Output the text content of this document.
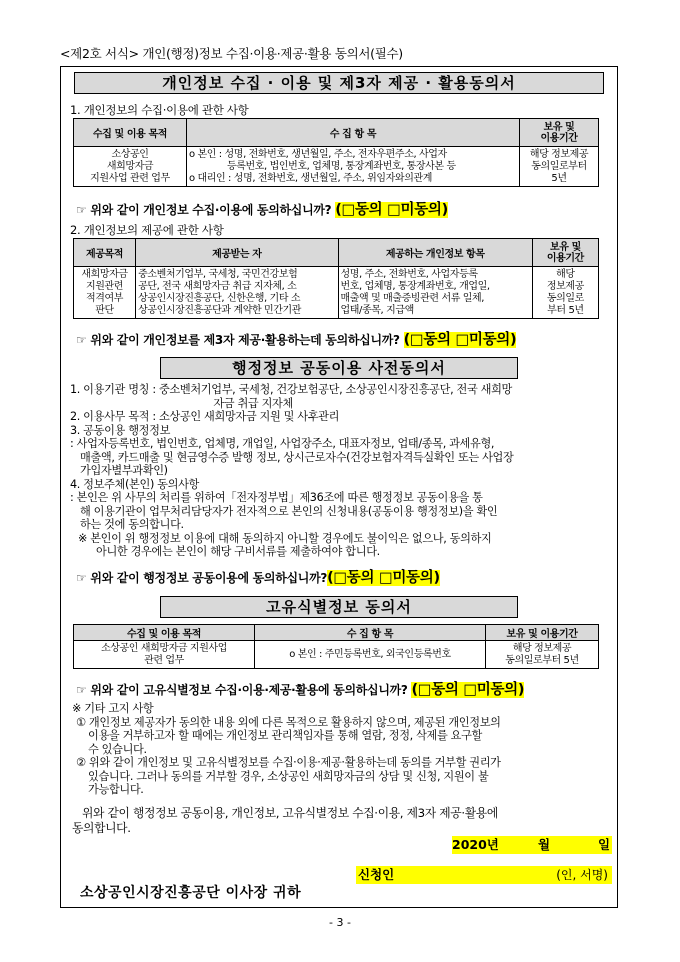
<제2호 서식> 개인(행정)정보 수집·이용·제공·활용 동의서(필수)
개인정보 수집 · 이용 및 제3자 제공 · 활용동의서
1. 개인정보의 수집·이용에 관한 사항
수집 및 이용 목적	수 집 항 목	보유 및
이용기간
소상공인
새희망자금
지원사업 관련 업무	ο 본인 : 성명, 전화번호, 생년월일, 주소, 전자우편주소, 사업자
등록번호, 법인번호, 업체명, 통장계좌번호, 통장사본 등
ο 대리인 : 성명, 전화번호, 생년월일, 주소, 위임자와의관계	해당 정보제공
동의일로부터
5년
☞ 위와 같이 개인정보 수집·이용에 동의하십니까? (□동의 □미동의)
2. 개인정보의 제공에 관한 사항
제공목적	제공받는 자	제공하는 개인정보 항목	보유 및
이용기간
새희망자금
지원관련
적격여부
판단	중소벤처기업부, 국세청, 국민건강보험
공단, 전국 새희망자금 취급 지자체, 소
상공인시장진흥공단, 신한은행, 기타 소
상공인시장진흥공단과 계약한 민간기관	성명, 주소, 전화번호, 사업자등록
번호, 업체명, 통장계좌번호, 개업일,
매출액 및 매출증빙관련 서류 일체,
업태/종목, 지급액	해당
정보제공
동의일로
부터 5년
☞ 위와 같이 개인정보를 제3자 제공·활용하는데 동의하십니까? (□동의 □미동의)
행정정보 공동이용 사전동의서
1. 이용기관 명칭 : 중소벤처기업부, 국세청, 건강보험공단, 소상공인시장진흥공단, 전국 새희망
　　　　자금 취급 지자체
2. 이용사무 목적 : 소상공인 새희망자금 지원 및 사후관리
3. 공동이용 행정정보
: 사업자등록번호, 법인번호, 업체명, 개업일, 사업장주소, 대표자정보, 업태/종목, 과세유형,
매출액, 카드매출 및 현금영수증 발행 정보, 상시근로자수(건강보험자격득실확인 또는 사업장
가입자별부과확인)
4. 정보주체(본인) 동의사항
: 본인은 위 사무의 처리를 위하여「전자정부법」제36조에 따른 행정정보 공동이용을 통
해 이용기관이 업무처리담당자가 전자적으로 본인의 신청내용(공동이용 행정정보)을 확인
하는 것에 동의합니다.
※ 본인이 위 행정정보 이용에 대해 동의하지 아니할 경우에도 불이익은 없으나, 동의하지
아니한 경우에는 본인이 해당 구비서류를 제출하여야 합니다.
☞ 위와 같이 행정정보 공동이용에 동의하십니까?(□동의 □미동의)
고유식별정보 동의서
수집 및 이용 목적	수 집 항 목	보유 및 이용기간
소상공인 새희망자금 지원사업
관련 업무	ο 본인 : 주민등록번호, 외국인등록번호	해당 정보제공
동의일로부터 5년
☞ 위와 같이 고유식별정보 수집·이용·제공·활용에 동의하십니까? (□동의 □미동의)
※ 기타 고지 사항
① 개인정보 제공자가 동의한 내용 외에 다른 목적으로 활용하지 않으며, 제공된 개인정보의
이용을 거부하고자 할 때에는 개인정보 관리책임자를 통해 열람, 정정, 삭제를 요구할
수 있습니다.
② 위와 같이 개인정보 및 고유식별정보를 수집·이용·제공·활용하는데 동의를 거부할 권리가
있습니다. 그러나 동의를 거부할 경우, 소상공인 새희망자금의 상담 및 신청, 지원이 불
가능합니다.
위와 같이 행정정보 공동이용, 개인정보, 고유식별정보 수집·이용, 제3자 제공·활용에
동의합니다.
2020년	월	일
신청인	(인, 서명)
소상공인시장진흥공단 이사장 귀하
- 3 -
